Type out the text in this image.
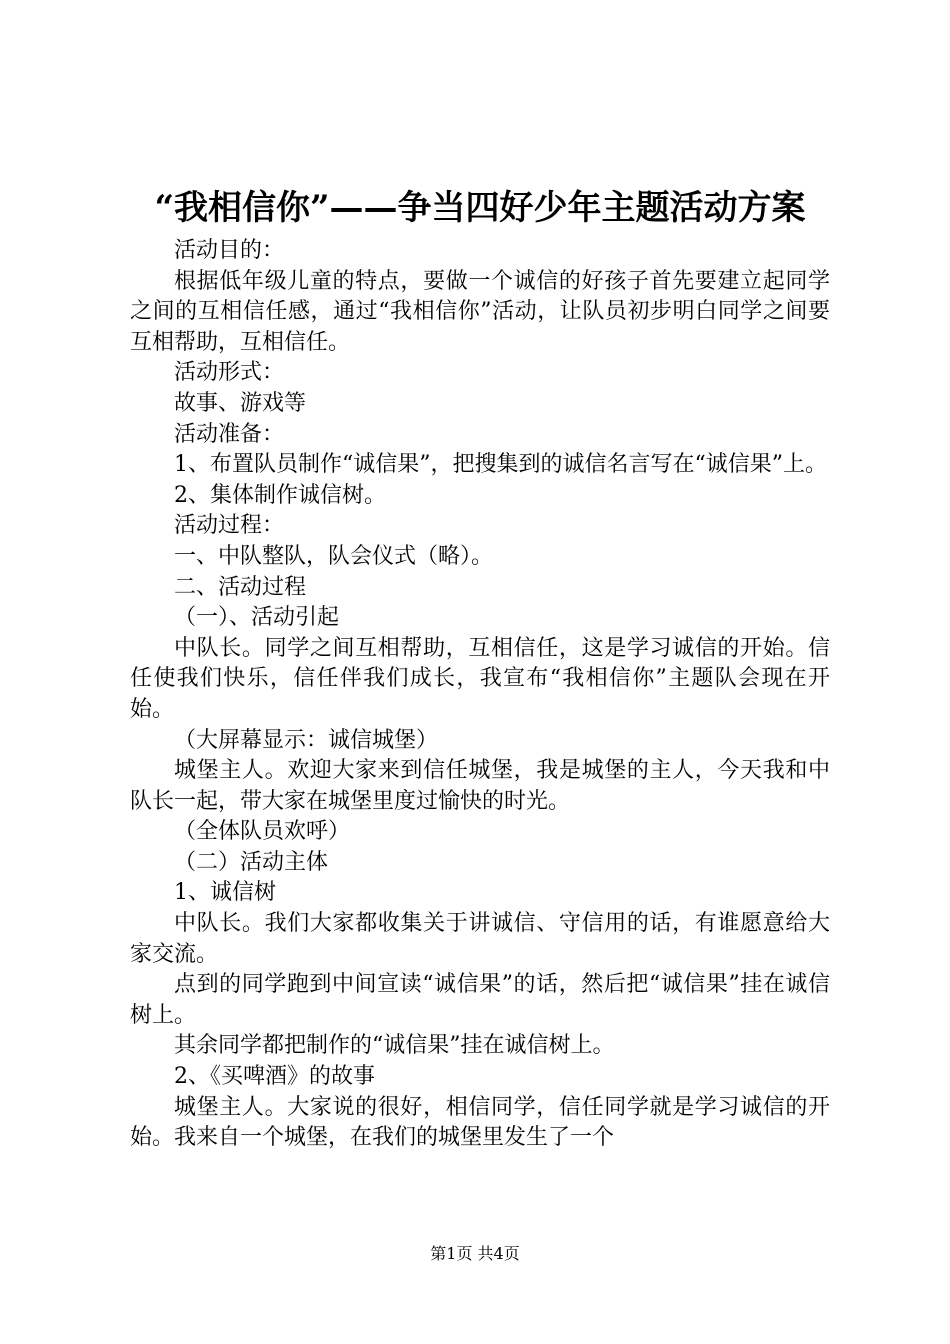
“我相信你”——争当四好少年主题活动方案

活动目的：

根据低年级儿童的特点，要做一个诚信的好孩子首先要建立起同学之间的互相信任感，通过“我相信你”活动，让队员初步明白同学之间要互相帮助，互相信任。

活动形式：

故事、游戏等

活动准备：

1、布置队员制作“诚信果”，把搜集到的诚信名言写在“诚信果”上。

2、集体制作诚信树。

活动过程：

一、中队整队，队会仪式（略）。

二、活动过程

（一）、活动引起

中队长。同学之间互相帮助，互相信任，这是学习诚信的开始。信任使我们快乐，信任伴我们成长，我宣布“我相信你”主题队会现在开始。

（大屏幕显示：诚信城堡）

城堡主人。欢迎大家来到信任城堡，我是城堡的主人，今天我和中队长一起，带大家在城堡里度过愉快的时光。

（全体队员欢呼）

（二）活动主体

1、诚信树

中队长。我们大家都收集关于讲诚信、守信用的话，有谁愿意给大家交流。

点到的同学跑到中间宣读“诚信果”的话，然后把“诚信果”挂在诚信树上。

其余同学都把制作的“诚信果”挂在诚信树上。

2、《买啤酒》的故事

城堡主人。大家说的很好，相信同学，信任同学就是学习诚信的开始。我来自一个城堡，在我们的城堡里发生了一个

第1页 共4页
